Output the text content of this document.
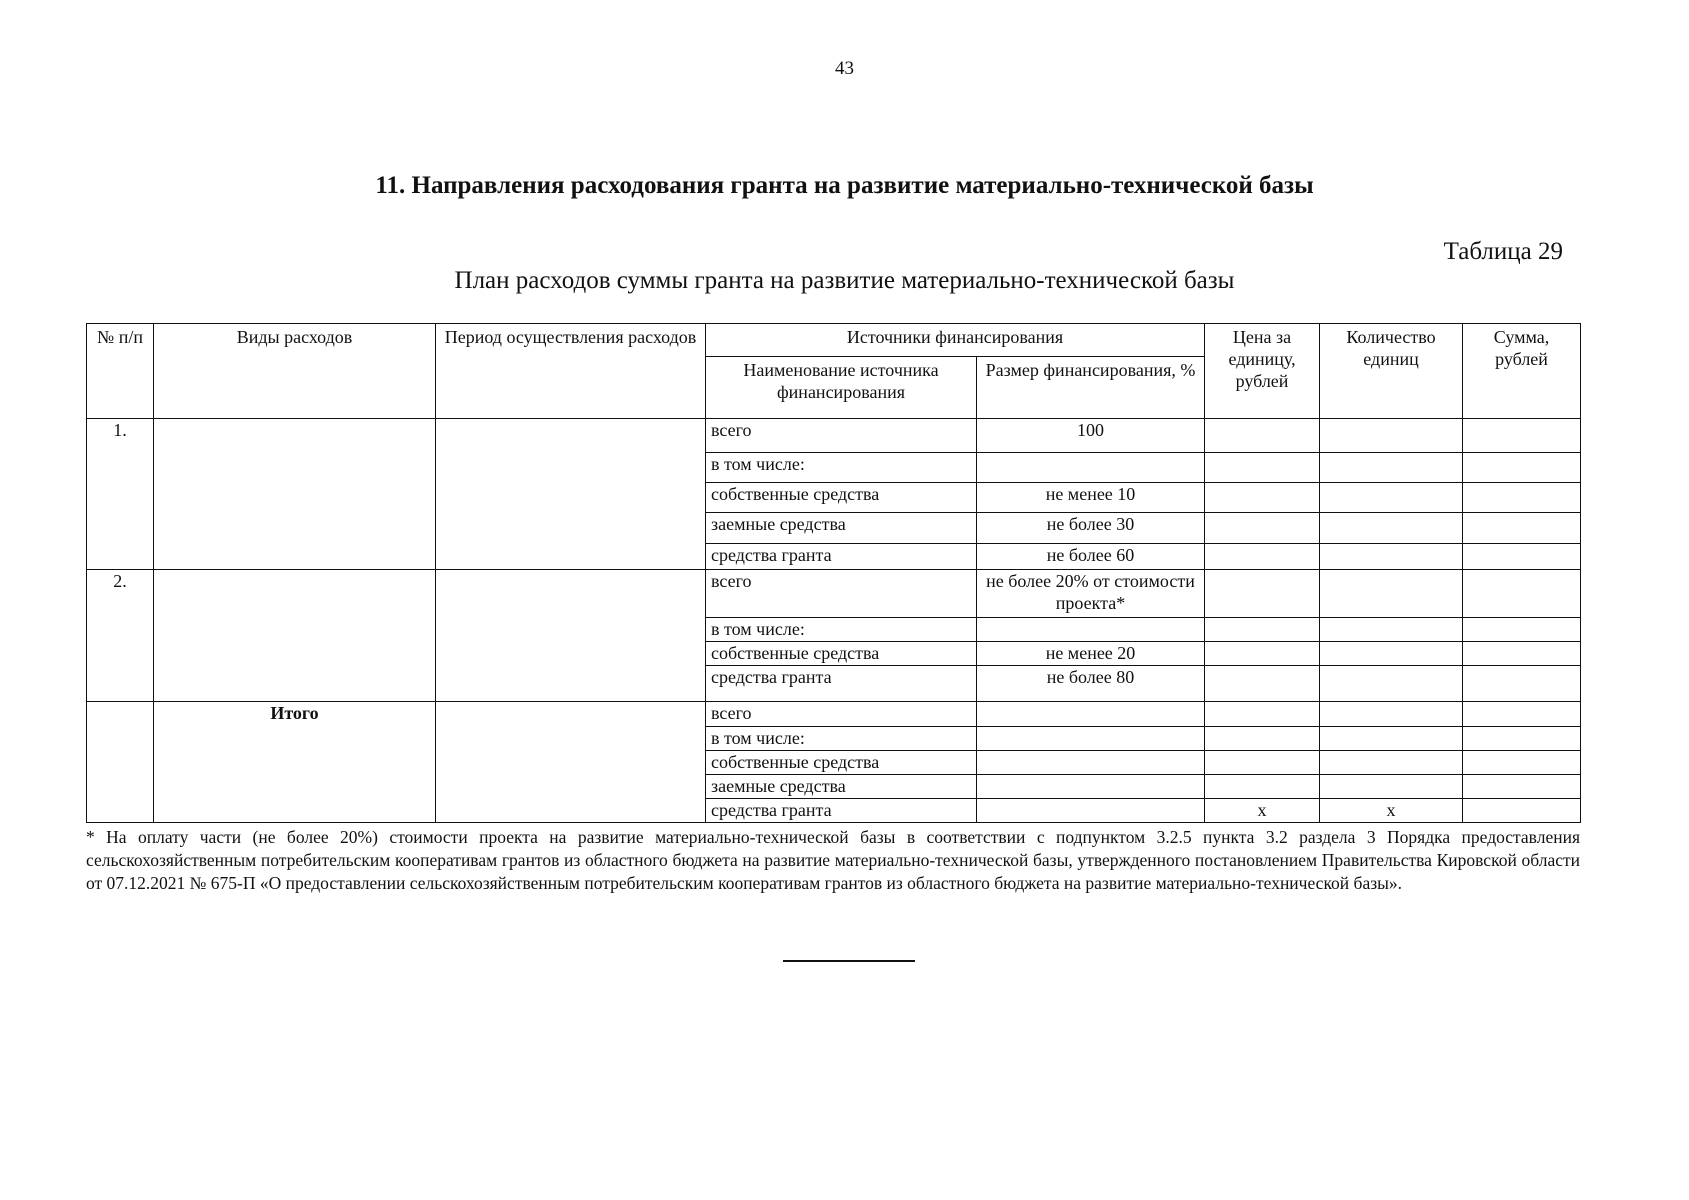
43
11. Направления расходования гранта на развитие материально-технической базы
Таблица 29
План расходов суммы гранта на развитие материально-технической базы
№ п/п	Виды расходов	Период осуществления расходов	Источники финансирования		Цена за единицу, рублей	Количество единиц	Сумма, рублей
			Наименование источника финансирования	Размер финансирования, %			
1.			всего	100			
			в том числе:				
			собственные средства	не менее 10			
			заемные средства	не более 30			
			средства гранта	не более 60			
2.			всего	не более 20% от стоимости проекта*			
			в том числе:				
			собственные средства	не менее 20			
			средства гранта	не более 80			
	Итого		всего				
			в том числе:				
			собственные средства				
			заемные средства				
			средства гранта		х	х	
* На оплату части (не более 20%) стоимости проекта на развитие материально-технической базы в соответствии с подпунктом 3.2.5 пункта 3.2 раздела 3 Порядка предоставления сельскохозяйственным потребительским кооперативам грантов из областного бюджета на развитие материально-технической базы, утвержденного постановлением Правительства Кировской области от 07.12.2021 № 675-П «О предоставлении сельскохозяйственным потребительским кооперативам грантов из областного бюджета на развитие материально-технической базы».
